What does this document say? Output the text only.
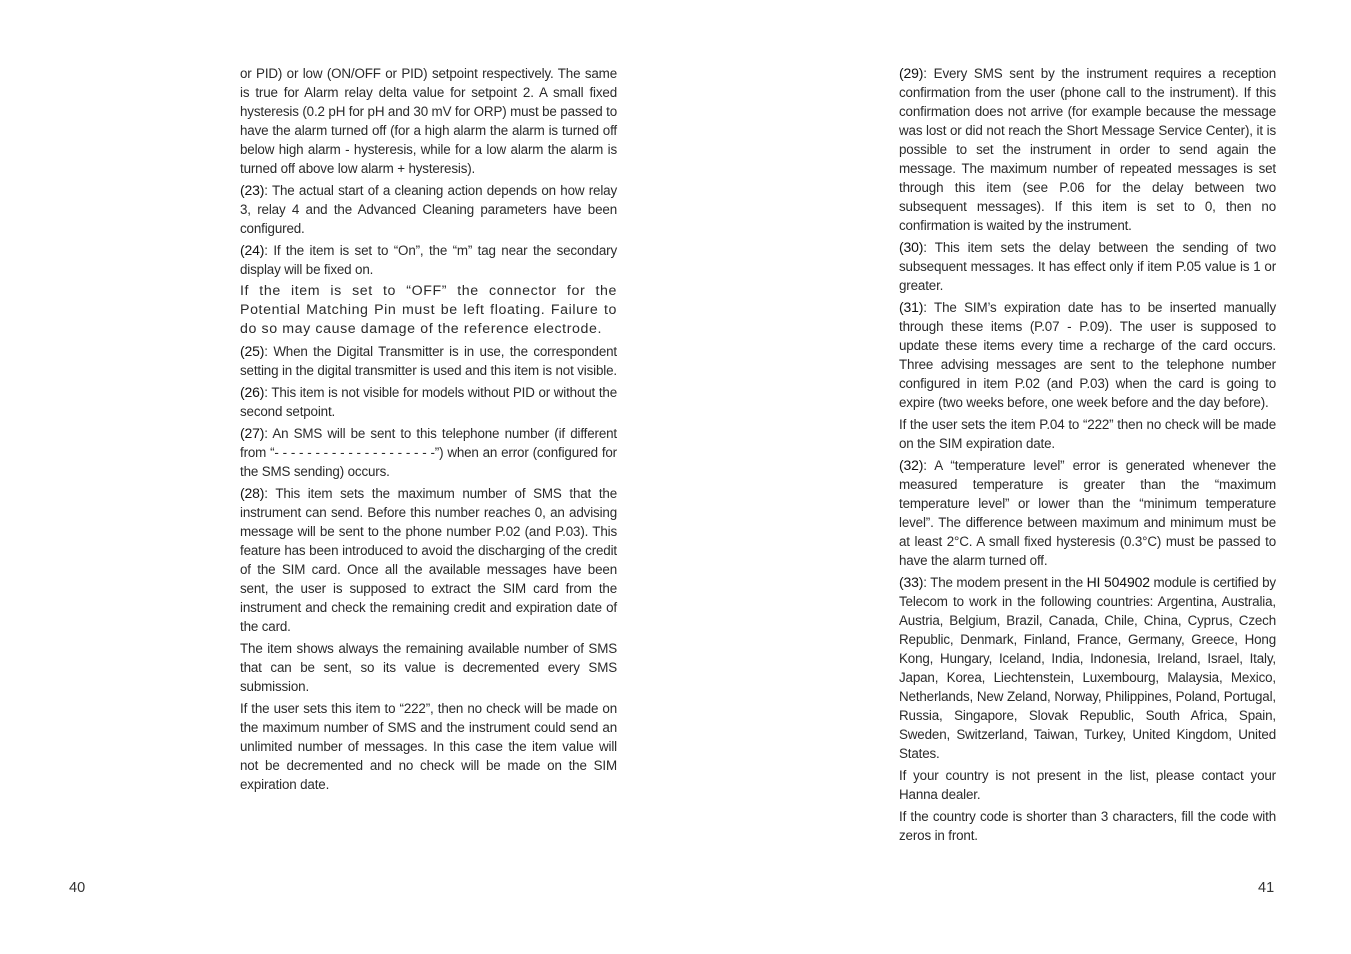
or PID) or low (ON/OFF or PID) setpoint respectively. The same is true for Alarm relay delta value for setpoint 2. A small fixed hysteresis (0.2 pH for pH and 30 mV for ORP) must be passed to have the alarm turned off (for a high alarm the alarm is turned off below high alarm - hysteresis, while for a low alarm the alarm is turned off above low alarm + hysteresis).

(23): The actual start of a cleaning action depends on how relay 3, relay 4 and the Advanced Cleaning parameters have been configured.

(24): If the item is set to “On”, the “m” tag near the secondary display will be fixed on.

If the item is set to “OFF” the connector for the Potential Matching Pin must be left floating. Failure to do so may cause damage of the reference electrode.

(25): When the Digital Transmitter is in use, the correspondent setting in the digital transmitter is used and this item is not visible.

(26): This item is not visible for models without PID or without the second setpoint.

(27): An SMS will be sent to this telephone number (if different from “- - - - - - - - - - - - - - - - - - - -”) when an error (configured for the SMS sending) occurs.

(28): This item sets the maximum number of SMS that the instrument can send. Before this number reaches 0, an advising message will be sent to the phone number P.02 (and P.03). This feature has been introduced to avoid the discharging of the credit of the SIM card. Once all the available messages have been sent, the user is supposed to extract the SIM card from the instrument and check the remaining credit and expiration date of the card.

The item shows always the remaining available number of SMS that can be sent, so its value is decremented every SMS submission.

If the user sets this item to “222”, then no check will be made on the maximum number of SMS and the instrument could send an unlimited number of messages. In this case the item value will not be decremented and no check will be made on the SIM expiration date.

40

(29): Every SMS sent by the instrument requires a reception confirmation from the user (phone call to the instrument). If this confirmation does not arrive (for example because the message was lost or did not reach the Short Message Service Center), it is possible to set the instrument in order to send again the message. The maximum number of repeated messages is set through this item (see P.06 for the delay between two subsequent messages). If this item is set to 0, then no confirmation is waited by the instrument.

(30): This item sets the delay between the sending of two subsequent messages. It has effect only if item P.05 value is 1 or greater.

(31): The SIM’s expiration date has to be inserted manually through these items (P.07 - P.09). The user is supposed to update these items every time a recharge of the card occurs. Three advising messages are sent to the telephone number configured in item P.02 (and P.03) when the card is going to expire (two weeks before, one week before and the day before).

If the user sets the item P.04 to “222” then no check will be made on the SIM expiration date.

(32): A “temperature level” error is generated whenever the measured temperature is greater than the “maximum temperature level” or lower than the “minimum temperature level”. The difference between maximum and minimum must be at least 2°C. A small fixed hysteresis (0.3°C) must be passed to have the alarm turned off.

(33): The modem present in the HI 504902 module is certified by Telecom to work in the following countries: Argentina, Australia, Austria, Belgium, Brazil, Canada, Chile, China, Cyprus, Czech Republic, Denmark, Finland, France, Germany, Greece, Hong Kong, Hungary, Iceland, India, Indonesia, Ireland, Israel, Italy, Japan, Korea, Liechtenstein, Luxembourg, Malaysia, Mexico, Netherlands, New Zeland, Norway, Philippines, Poland, Portugal, Russia, Singapore, Slovak Republic, South Africa, Spain, Sweden, Switzerland, Taiwan, Turkey, United Kingdom, United States.

If your country is not present in the list, please contact your Hanna dealer.

If the country code is shorter than 3 characters, fill the code with zeros in front.

41
